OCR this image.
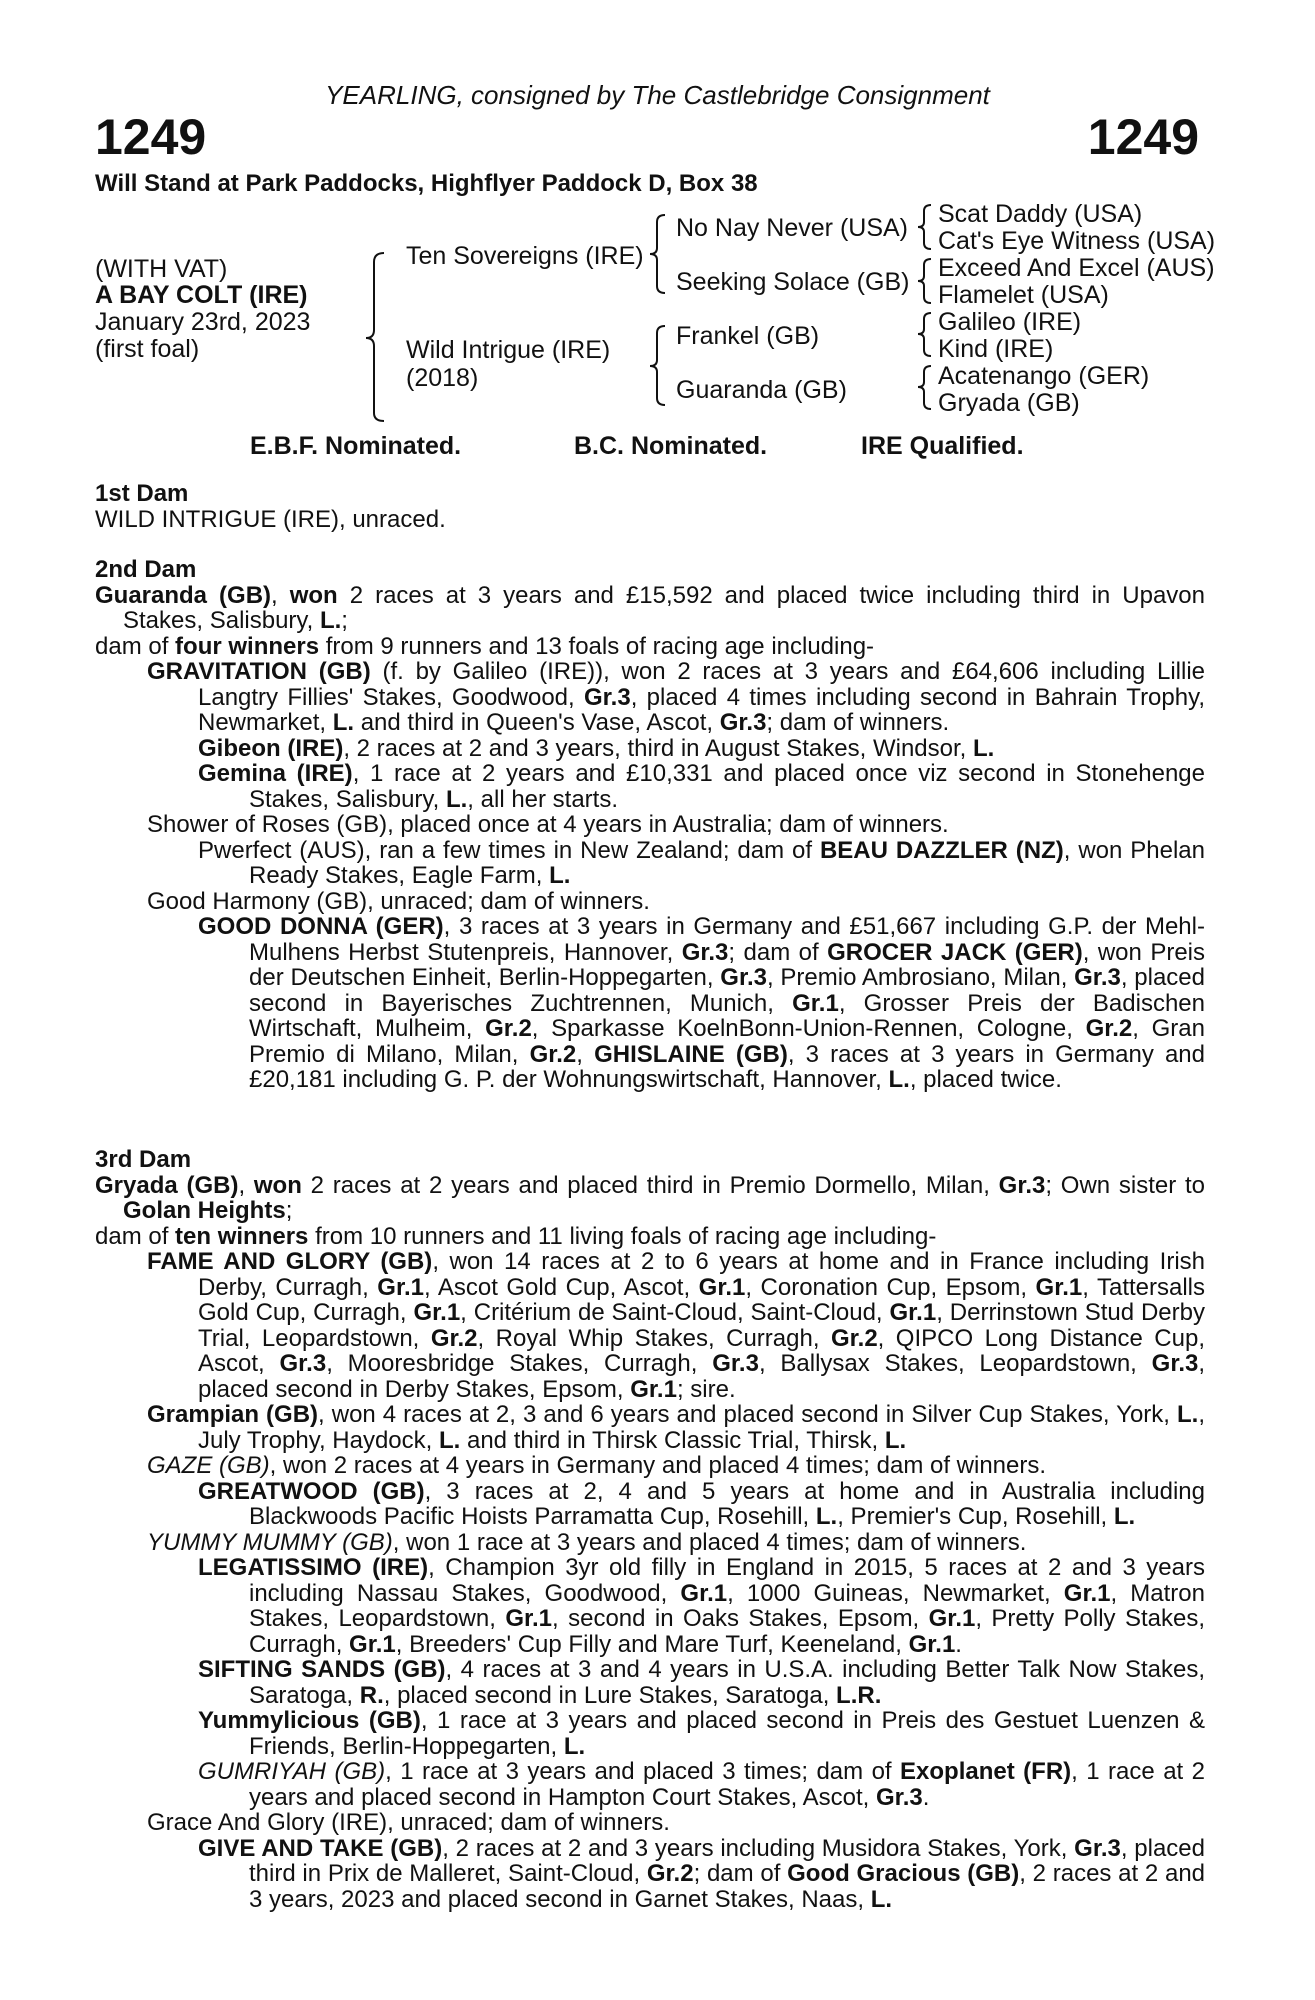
YEARLING, consigned by The Castlebridge Consignment
1249	1249
Will Stand at Park Paddocks, Highflyer Paddock D, Box 38
(WITH VAT)
A BAY COLT (IRE)
January 23rd, 2023
(first foal)
Ten Sovereigns (IRE)
Wild Intrigue (IRE)
(2018)
No Nay Never (USA)
Seeking Solace (GB)
Frankel (GB)
Guaranda (GB)
Scat Daddy (USA)
Cat's Eye Witness (USA)
Exceed And Excel (AUS)
Flamelet (USA)
Galileo (IRE)
Kind (IRE)
Acatenango (GER)
Gryada (GB)
E.B.F. Nominated.	B.C. Nominated.	IRE Qualified.

1st Dam

WILD INTRIGUE (IRE), unraced.

2nd Dam

Guaranda (GB), won 2 races at 3 years and £15,592 and placed twice including third in Upavon Stakes, Salisbury, L.;

dam of four winners from 9 runners and 13 foals of racing age including-

GRAVITATION (GB) (f. by Galileo (IRE)), won 2 races at 3 years and £64,606 including Lillie Langtry Fillies' Stakes, Goodwood, Gr.3, placed 4 times including second in Bahrain Trophy, Newmarket, L. and third in Queen's Vase, Ascot, Gr.3; dam of winners.

Gibeon (IRE), 2 races at 2 and 3 years, third in August Stakes, Windsor, L.

Gemina (IRE), 1 race at 2 years and £10,331 and placed once viz second in Stonehenge Stakes, Salisbury, L., all her starts.

Shower of Roses (GB), placed once at 4 years in Australia; dam of winners.

Pwerfect (AUS), ran a few times in New Zealand; dam of BEAU DAZZLER (NZ), won Phelan Ready Stakes, Eagle Farm, L.

Good Harmony (GB), unraced; dam of winners.

GOOD DONNA (GER), 3 races at 3 years in Germany and £51,667 including G.P. der Mehl-Mulhens Herbst Stutenpreis, Hannover, Gr.3; dam of GROCER JACK (GER), won Preis der Deutschen Einheit, Berlin-Hoppegarten, Gr.3, Premio Ambrosiano, Milan, Gr.3, placed second in Bayerisches Zuchtrennen, Munich, Gr.1, Grosser Preis der Badischen Wirtschaft, Mulheim, Gr.2, Sparkasse KoelnBonn-Union-Rennen, Cologne, Gr.2, Gran Premio di Milano, Milan, Gr.2, GHISLAINE (GB), 3 races at 3 years in Germany and £20,181 including G. P. der Wohnungswirtschaft, Hannover, L., placed twice.

3rd Dam

Gryada (GB), won 2 races at 2 years and placed third in Premio Dormello, Milan, Gr.3; Own sister to Golan Heights;

dam of ten winners from 10 runners and 11 living foals of racing age including-

FAME AND GLORY (GB), won 14 races at 2 to 6 years at home and in France including Irish Derby, Curragh, Gr.1, Ascot Gold Cup, Ascot, Gr.1, Coronation Cup, Epsom, Gr.1, Tattersalls Gold Cup, Curragh, Gr.1, Critérium de Saint-Cloud, Saint-Cloud, Gr.1, Derrinstown Stud Derby Trial, Leopardstown, Gr.2, Royal Whip Stakes, Curragh, Gr.2, QIPCO Long Distance Cup, Ascot, Gr.3, Mooresbridge Stakes, Curragh, Gr.3, Ballysax Stakes, Leopardstown, Gr.3, placed second in Derby Stakes, Epsom, Gr.1; sire.

Grampian (GB), won 4 races at 2, 3 and 6 years and placed second in Silver Cup Stakes, York, L., July Trophy, Haydock, L. and third in Thirsk Classic Trial, Thirsk, L.

GAZE (GB), won 2 races at 4 years in Germany and placed 4 times; dam of winners.

GREATWOOD (GB), 3 races at 2, 4 and 5 years at home and in Australia including Blackwoods Pacific Hoists Parramatta Cup, Rosehill, L., Premier's Cup, Rosehill, L.

YUMMY MUMMY (GB), won 1 race at 3 years and placed 4 times; dam of winners.

LEGATISSIMO (IRE), Champion 3yr old filly in England in 2015, 5 races at 2 and 3 years including Nassau Stakes, Goodwood, Gr.1, 1000 Guineas, Newmarket, Gr.1, Matron Stakes, Leopardstown, Gr.1, second in Oaks Stakes, Epsom, Gr.1, Pretty Polly Stakes, Curragh, Gr.1, Breeders' Cup Filly and Mare Turf, Keeneland, Gr.1.

SIFTING SANDS (GB), 4 races at 3 and 4 years in U.S.A. including Better Talk Now Stakes, Saratoga, R., placed second in Lure Stakes, Saratoga, L.R.

Yummylicious (GB), 1 race at 3 years and placed second in Preis des Gestuet Luenzen & Friends, Berlin-Hoppegarten, L.

GUMRIYAH (GB), 1 race at 3 years and placed 3 times; dam of Exoplanet (FR), 1 race at 2 years and placed second in Hampton Court Stakes, Ascot, Gr.3.

Grace And Glory (IRE), unraced; dam of winners.

GIVE AND TAKE (GB), 2 races at 2 and 3 years including Musidora Stakes, York, Gr.3, placed third in Prix de Malleret, Saint-Cloud, Gr.2; dam of Good Gracious (GB), 2 races at 2 and 3 years, 2023 and placed second in Garnet Stakes, Naas, L.
